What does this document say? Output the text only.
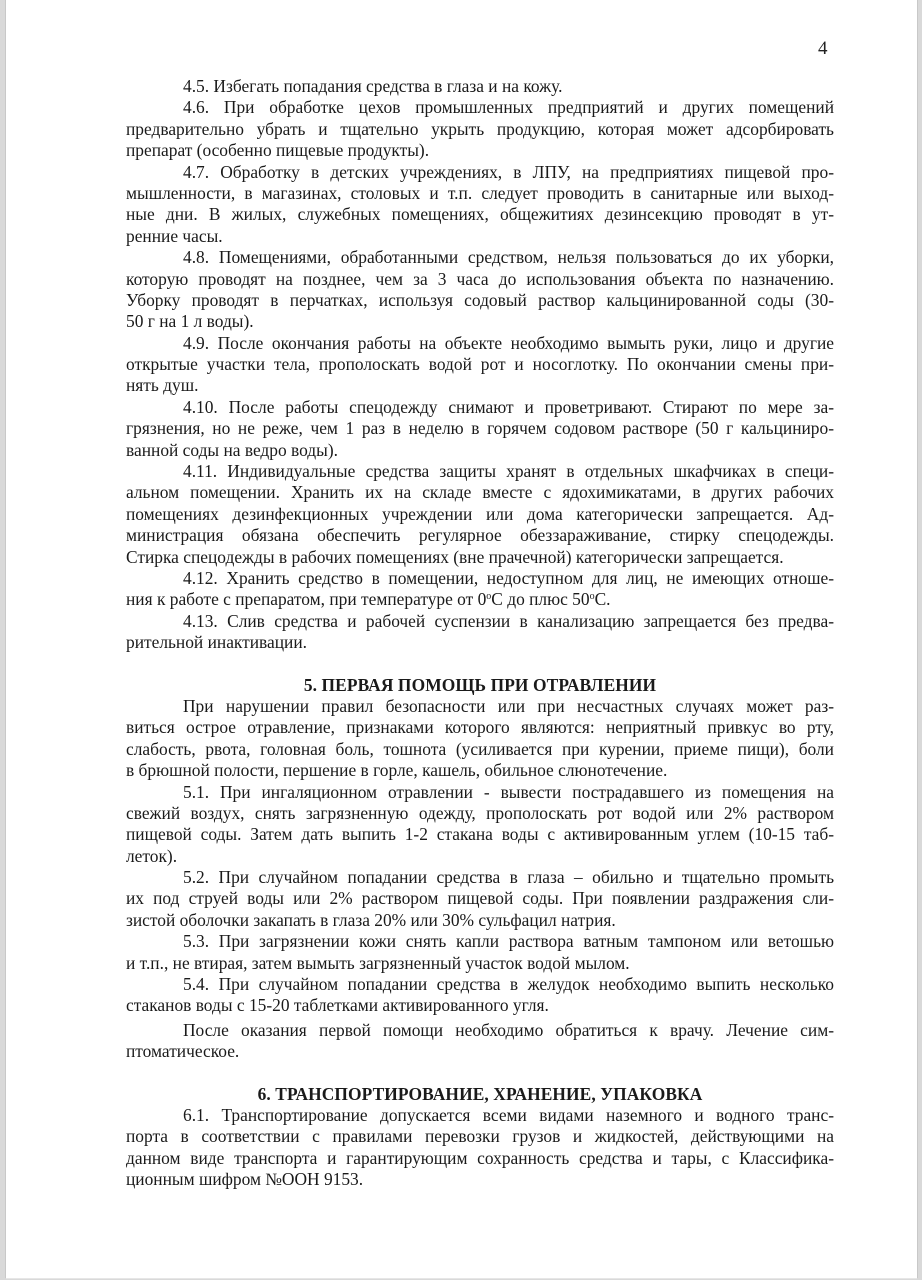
4

4.5. Избегать попадания средства в глаза и на кожу.

4.6. При обработке цехов промышленных предприятий и других помещений
предварительно убрать и тщательно укрыть продукцию, которая может адсорбировать
препарат (особенно пищевые продукты).

4.7. Обработку в детских учреждениях, в ЛПУ, на предприятиях пищевой про-
мышленности, в магазинах, столовых и т.п. следует проводить в санитарные или выход-
ные дни. В жилых, служебных помещениях, общежитиях дезинсекцию проводят в ут-
ренние часы.

4.8. Помещениями, обработанными средством, нельзя пользоваться до их уборки,
которую проводят на позднее, чем за 3 часа до использования объекта по назначению.
Уборку проводят в перчатках, используя содовый раствор кальцинированной соды (30-
50 г на 1 л воды).

4.9. После окончания работы на объекте необходимо вымыть руки, лицо и другие
открытые участки тела, прополоскать водой рот и носоглотку. По окончании смены при-
нять душ.

4.10. После работы спецодежду снимают и проветривают. Стирают по мере за-
грязнения, но не реже, чем 1 раз в неделю в горячем содовом растворе (50 г кальциниро-
ванной соды на ведро воды).

4.11. Индивидуальные средства защиты хранят в отдельных шкафчиках в специ-
альном помещении. Хранить их на складе вместе с ядохимикатами, в других рабочих
помещениях дезинфекционных учреждении или дома категорически запрещается. Ад-
министрация обязана обеспечить регулярное обеззараживание, стирку спецодежды.
Стирка спецодежды в рабочих помещениях (вне прачечной) категорически запрещается.

4.12. Хранить средство в помещении, недоступном для лиц, не имеющих отноше-
ния к работе с препаратом, при температуре от 0$^o$С до плюс 50$^o$С.

4.13. Слив средства и рабочей суспензии в канализацию запрещается без предва-
рительной инактивации.

5. ПЕРВАЯ ПОМОЩЬ ПРИ ОТРАВЛЕНИИ

При нарушении правил безопасности или при несчастных случаях может раз-
виться острое отравление, признаками которого являются: неприятный привкус во рту,
слабость, рвота, головная боль, тошнота (усиливается при курении, приеме пищи), боли
в брюшной полости, першение в горле, кашель, обильное слюнотечение.

5.1. При ингаляционном отравлении - вывести пострадавшего из помещения на
свежий воздух, снять загрязненную одежду, прополоскать рот водой или 2% раствором
пищевой соды. Затем дать выпить 1-2 стакана воды с активированным углем (10-15 таб-
леток).

5.2. При случайном попадании средства в глаза – обильно и тщательно промыть
их под струей воды или 2% раствором пищевой соды. При появлении раздражения сли-
зистой оболочки закапать в глаза 20% или 30% сульфацил натрия.

5.3. При загрязнении кожи снять капли раствора ватным тампоном или ветошью
и т.п., не втирая, затем вымыть загрязненный участок водой мылом.

5.4. При случайном попадании средства в желудок необходимо выпить несколько
стаканов воды с 15-20 таблетками активированного угля.

После оказания первой помощи необходимо обратиться к врачу. Лечение сим-
птоматическое.

6. ТРАНСПОРТИРОВАНИЕ, ХРАНЕНИЕ, УПАКОВКА

6.1. Транспортирование допускается всеми видами наземного и водного транс-
порта в соответствии с правилами перевозки грузов и жидкостей, действующими на
данном виде транспорта и гарантирующим сохранность средства и тары, с Классифика-
ционным шифром №ООН 9153.
